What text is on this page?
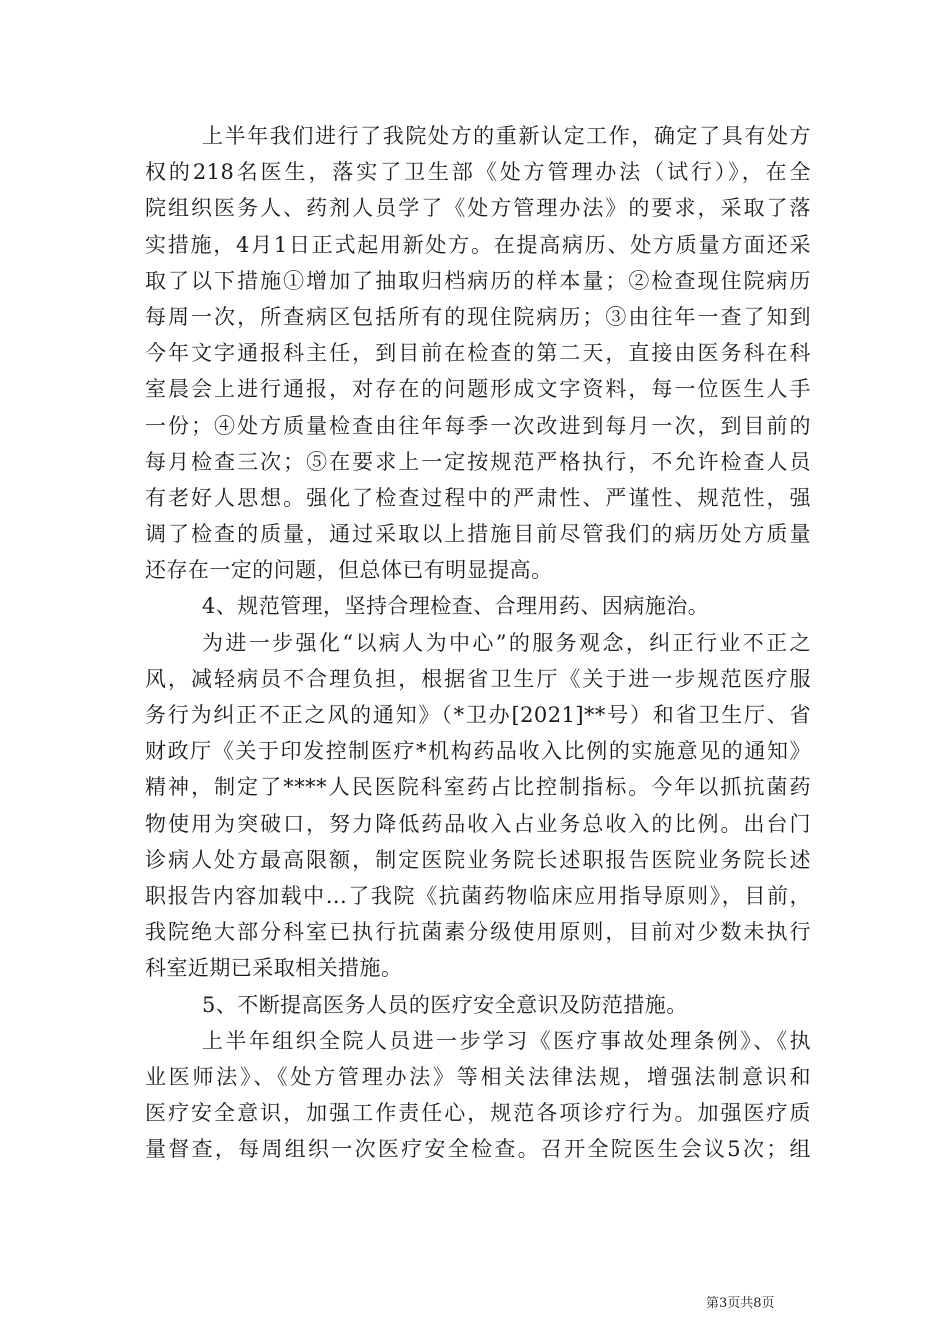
上半年我们进行了我院处方的重新认定工作，确定了具有处方
权的218名医生，落实了卫生部《处方管理办法（试行）》，在全
院组织医务人、药剂人员学了《处方管理办法》的要求，采取了落
实措施，4月1日正式起用新处方。在提高病历、处方质量方面还采
取了以下措施①增加了抽取归档病历的样本量；②检查现住院病历
每周一次，所查病区包括所有的现住院病历；③由往年一查了知到
今年文字通报科主任，到目前在检查的第二天，直接由医务科在科
室晨会上进行通报，对存在的问题形成文字资料，每一位医生人手
一份；④处方质量检查由往年每季一次改进到每月一次，到目前的
每月检查三次；⑤在要求上一定按规范严格执行，不允许检查人员
有老好人思想。强化了检查过程中的严肃性、严谨性、规范性，强
调了检查的质量，通过采取以上措施目前尽管我们的病历处方质量
还存在一定的问题，但总体已有明显提高。
4、规范管理，坚持合理检查、合理用药、因病施治。
为进一步强化“以病人为中心”的服务观念，纠正行业不正之
风，减轻病员不合理负担，根据省卫生厅《关于进一步规范医疗服
务行为纠正不正之风的通知》（*卫办[2021]**号）和省卫生厅、省
财政厅《关于印发控制医疗*机构药品收入比例的实施意见的通知》
精神，制定了****人民医院科室药占比控制指标。今年以抓抗菌药
物使用为突破口，努力降低药品收入占业务总收入的比例。出台门
诊病人处方最高限额，制定医院业务院长述职报告医院业务院长述
职报告内容加载中...了我院《抗菌药物临床应用指导原则》，目前，
我院绝大部分科室已执行抗菌素分级使用原则，目前对少数未执行
科室近期已采取相关措施。
5、不断提高医务人员的医疗安全意识及防范措施。
上半年组织全院人员进一步学习《医疗事故处理条例》、《执
业医师法》、《处方管理办法》等相关法律法规，增强法制意识和
医疗安全意识，加强工作责任心，规范各项诊疗行为。加强医疗质
量督查，每周组织一次医疗安全检查。召开全院医生会议5次；组
第3页共8页
